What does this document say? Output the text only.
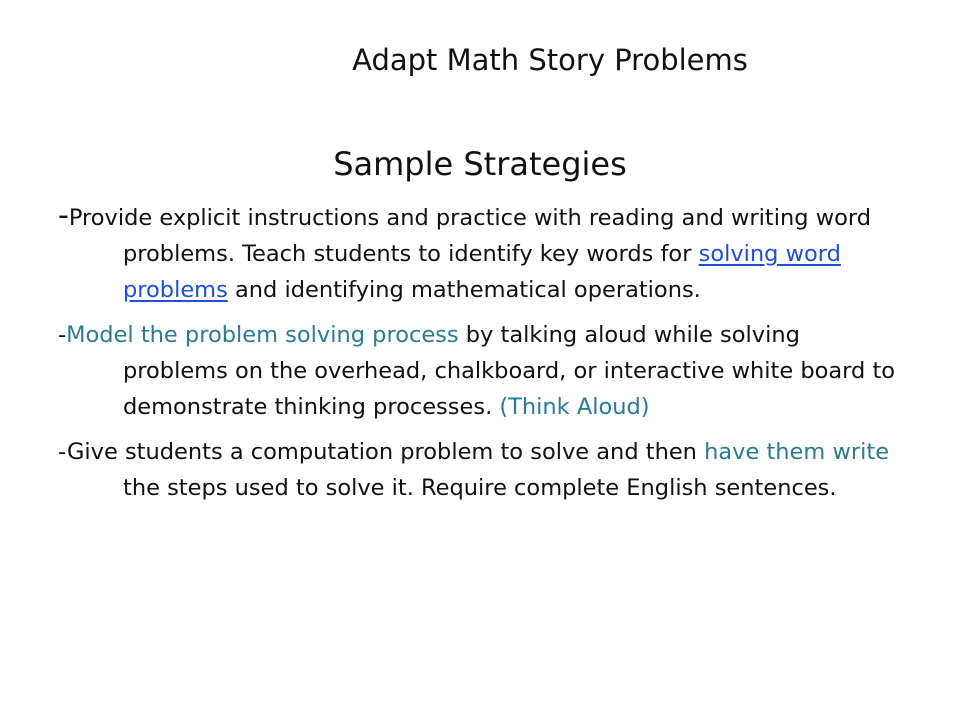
Adapt Math Story Problems
Sample Strategies

-Provide explicit instructions and practice with reading and writing word problems. Teach students to identify key words for solving word problems and identifying mathematical operations.

-Model the problem solving process by talking aloud while solving problems on the overhead, chalkboard, or interactive white board to demonstrate thinking processes. (Think Aloud)

-Give students a computation problem to solve and then have them write the steps used to solve it. Require complete English sentences.
